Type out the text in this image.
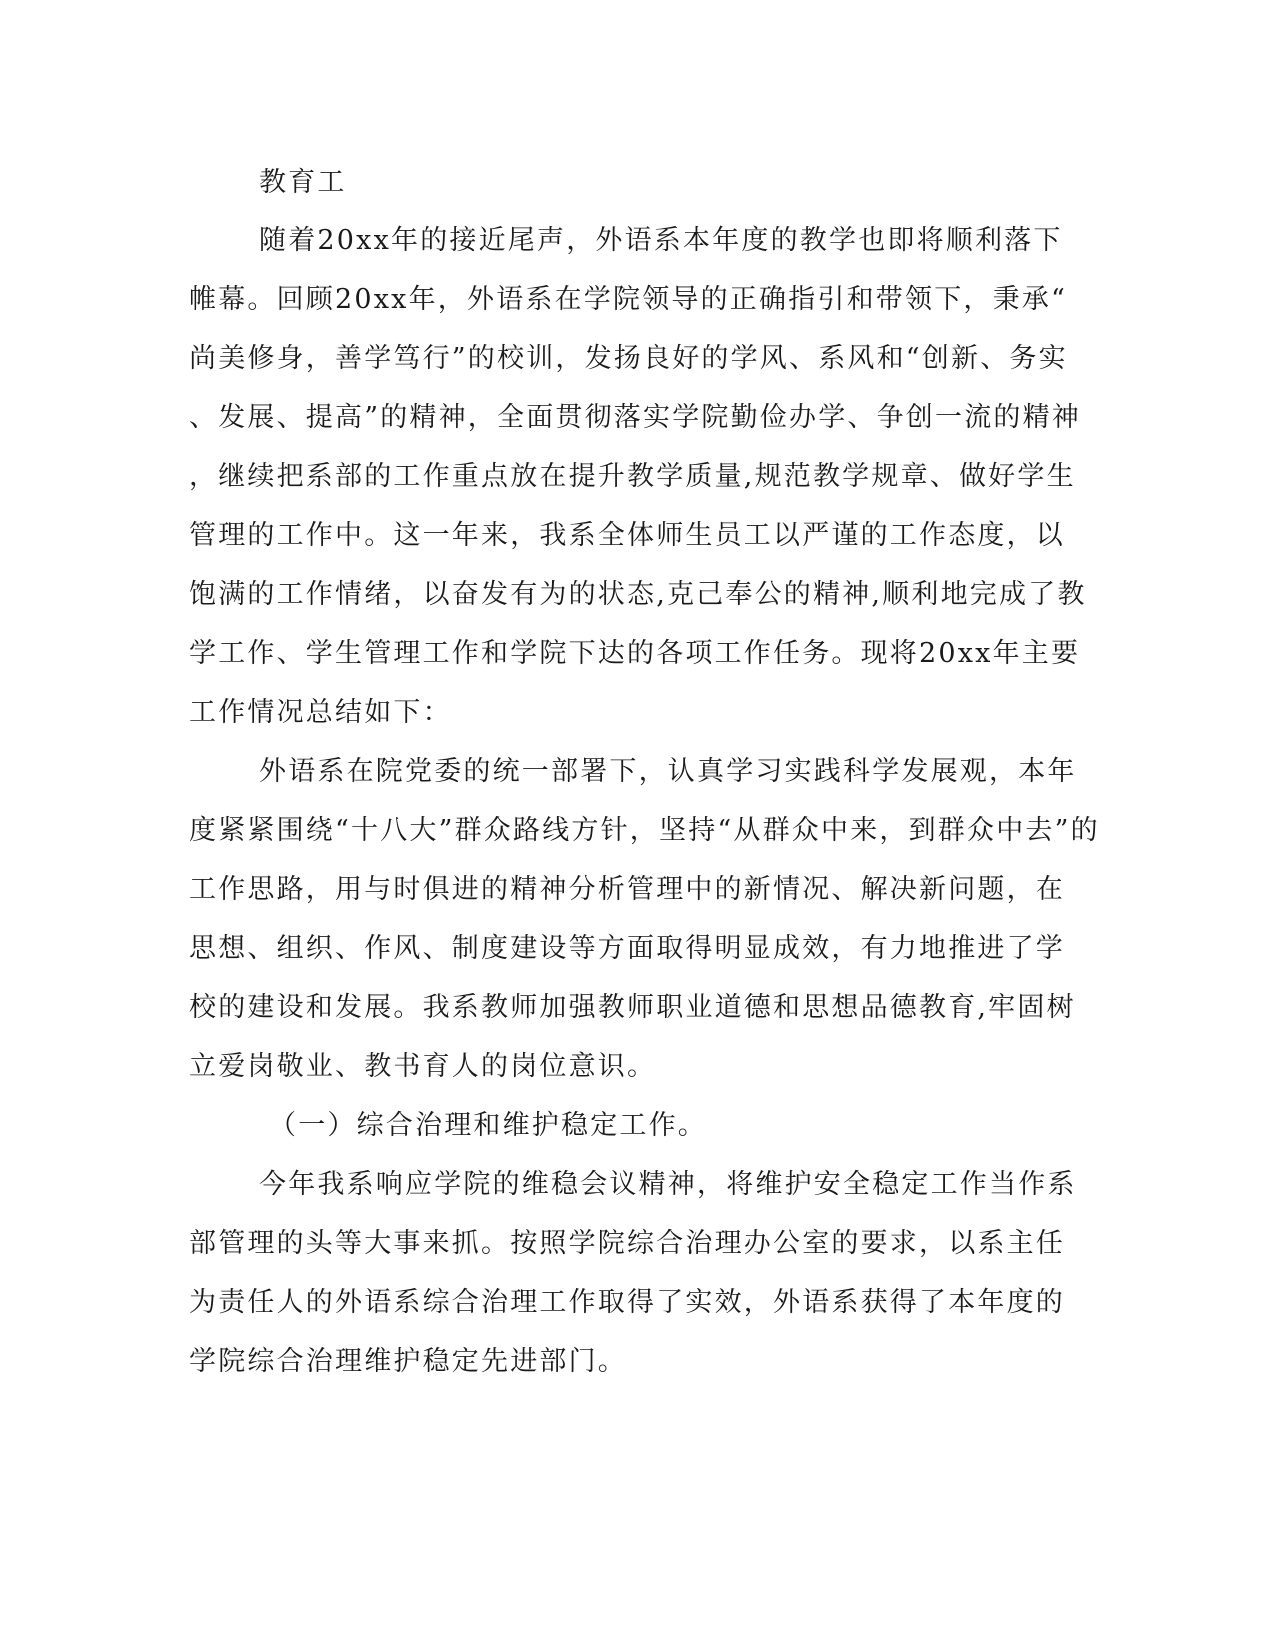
教育工
随着20xx年的接近尾声，外语系本年度的教学也即将顺利落下
帷幕。回顾20xx年，外语系在学院领导的正确指引和带领下，秉承“
尚美修身，善学笃行”的校训，发扬良好的学风、系风和“创新、务实
、发展、提高”的精神，全面贯彻落实学院勤俭办学、争创一流的精神
，继续把系部的工作重点放在提升教学质量,规范教学规章、做好学生
管理的工作中。这一年来，我系全体师生员工以严谨的工作态度，以
饱满的工作情绪，以奋发有为的状态,克己奉公的精神,顺利地完成了教
学工作、学生管理工作和学院下达的各项工作任务。现将20xx年主要
工作情况总结如下：
外语系在院党委的统一部署下，认真学习实践科学发展观，本年
度紧紧围绕“十八大”群众路线方针，坚持“从群众中来，到群众中去”的
工作思路，用与时俱进的精神分析管理中的新情况、解决新问题，在
思想、组织、作风、制度建设等方面取得明显成效，有力地推进了学
校的建设和发展。我系教师加强教师职业道德和思想品德教育,牢固树
立爱岗敬业、教书育人的岗位意识。
（一）综合治理和维护稳定工作。
今年我系响应学院的维稳会议精神，将维护安全稳定工作当作系
部管理的头等大事来抓。按照学院综合治理办公室的要求，以系主任
为责任人的外语系综合治理工作取得了实效，外语系获得了本年度的
学院综合治理维护稳定先进部门。
